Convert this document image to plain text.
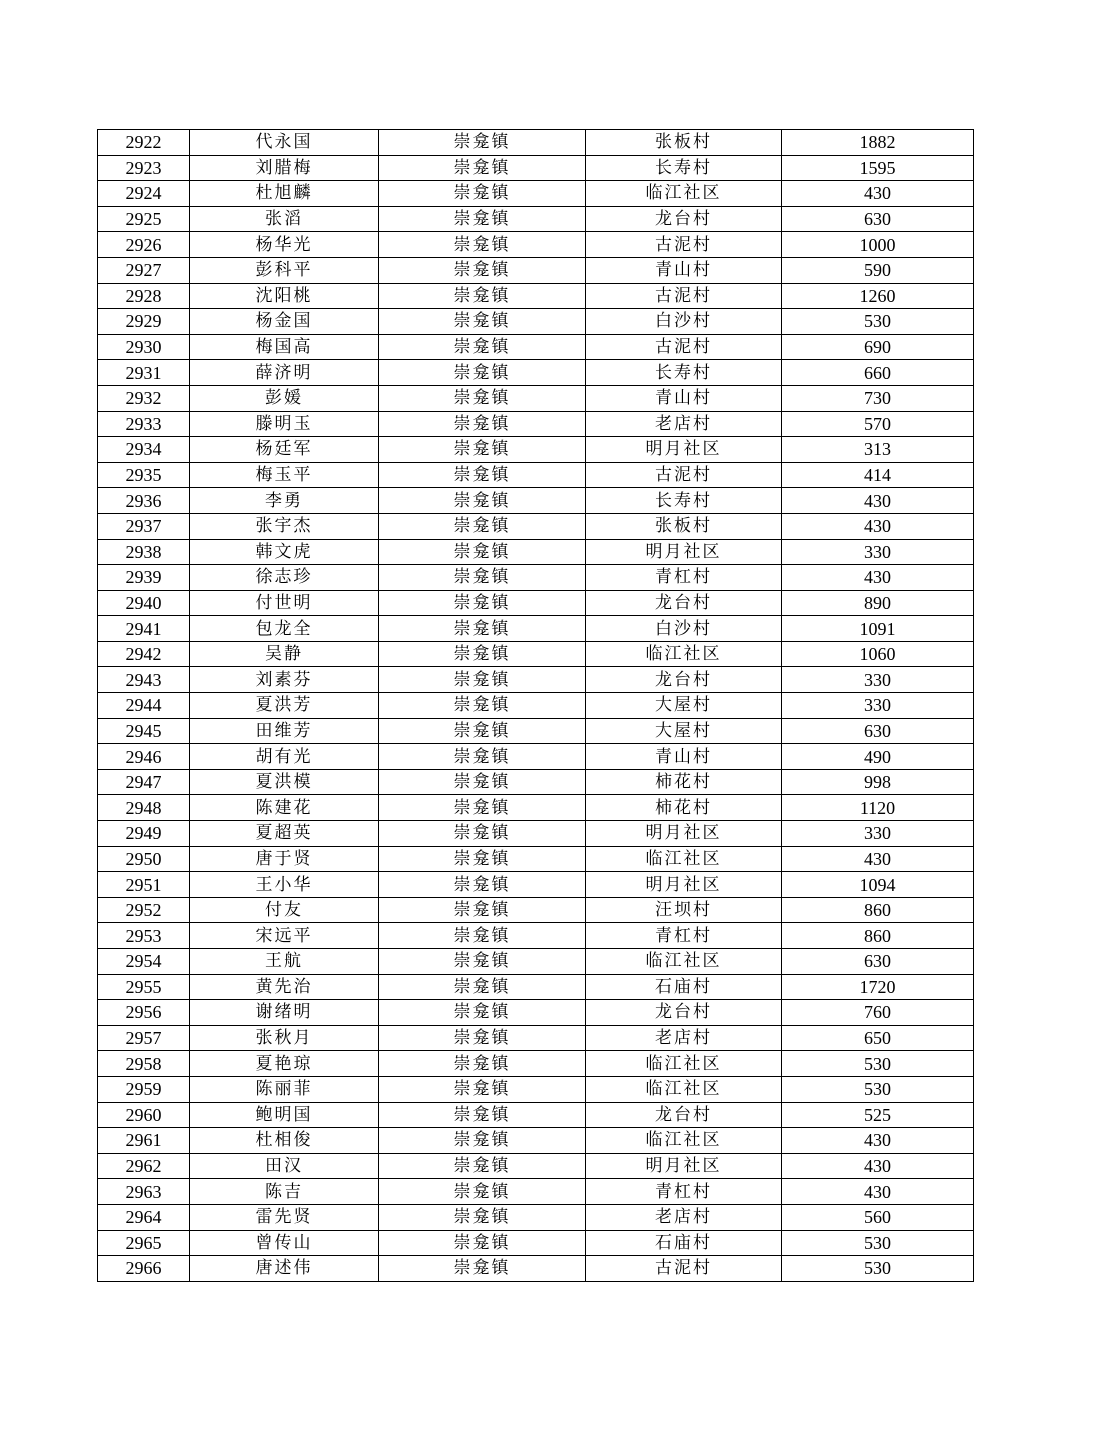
2922	代永国	崇龛镇	张板村	1882
2923	刘腊梅	崇龛镇	长寿村	1595
2924	杜旭麟	崇龛镇	临江社区	430
2925	张滔	崇龛镇	龙台村	630
2926	杨华光	崇龛镇	古泥村	1000
2927	彭科平	崇龛镇	青山村	590
2928	沈阳桃	崇龛镇	古泥村	1260
2929	杨金国	崇龛镇	白沙村	530
2930	梅国高	崇龛镇	古泥村	690
2931	薛济明	崇龛镇	长寿村	660
2932	彭媛	崇龛镇	青山村	730
2933	滕明玉	崇龛镇	老店村	570
2934	杨廷军	崇龛镇	明月社区	313
2935	梅玉平	崇龛镇	古泥村	414
2936	李勇	崇龛镇	长寿村	430
2937	张宇杰	崇龛镇	张板村	430
2938	韩文虎	崇龛镇	明月社区	330
2939	徐志珍	崇龛镇	青杠村	430
2940	付世明	崇龛镇	龙台村	890
2941	包龙全	崇龛镇	白沙村	1091
2942	吴静	崇龛镇	临江社区	1060
2943	刘素芬	崇龛镇	龙台村	330
2944	夏洪芳	崇龛镇	大屋村	330
2945	田维芳	崇龛镇	大屋村	630
2946	胡有光	崇龛镇	青山村	490
2947	夏洪模	崇龛镇	柿花村	998
2948	陈建花	崇龛镇	柿花村	1120
2949	夏超英	崇龛镇	明月社区	330
2950	唐于贤	崇龛镇	临江社区	430
2951	王小华	崇龛镇	明月社区	1094
2952	付友	崇龛镇	汪坝村	860
2953	宋远平	崇龛镇	青杠村	860
2954	王航	崇龛镇	临江社区	630
2955	黄先治	崇龛镇	石庙村	1720
2956	谢绪明	崇龛镇	龙台村	760
2957	张秋月	崇龛镇	老店村	650
2958	夏艳琼	崇龛镇	临江社区	530
2959	陈丽菲	崇龛镇	临江社区	530
2960	鲍明国	崇龛镇	龙台村	525
2961	杜相俊	崇龛镇	临江社区	430
2962	田汉	崇龛镇	明月社区	430
2963	陈吉	崇龛镇	青杠村	430
2964	雷先贤	崇龛镇	老店村	560
2965	曾传山	崇龛镇	石庙村	530
2966	唐述伟	崇龛镇	古泥村	530
